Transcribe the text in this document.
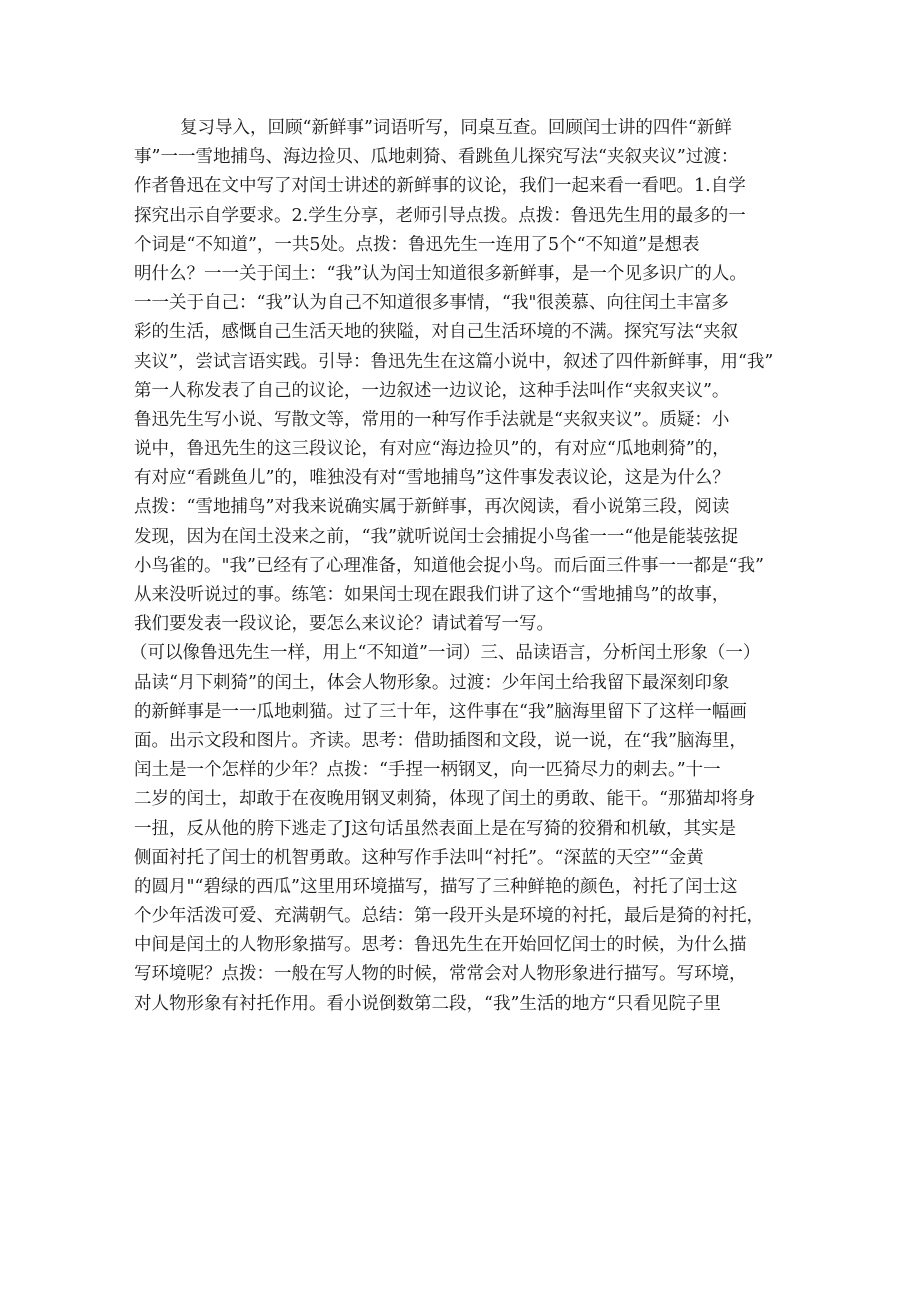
复习导入，回顾“新鲜事”词语听写，同桌互查。回顾闰士讲的四件“新鲜
事”一一雪地捕鸟、海边捡贝、瓜地刺猗、看跳鱼儿探究写法“夹叙夹议”过渡：
作者鲁迅在文中写了对闰士讲述的新鲜事的议论，我们一起来看一看吧。1.自学
探究出示自学要求。2.学生分享，老师引导点拨。点拨：鲁迅先生用的最多的一
个词是“不知道”，一共5处。点拨：鲁迅先生一连用了5个“不知道”是想表
明什么？一一关于闰土：“我”认为闰士知道很多新鲜事，是一个见多识广的人。
一一关于自己：“我”认为自己不知道很多事情，“我"很羡慕、向往闰土丰富多
彩的生活，感慨自己生活天地的狭隘，对自己生活环境的不满。探究写法“夹叙
夹议”，尝试言语实践。引导：鲁迅先生在这篇小说中，叙述了四件新鲜事，用“我”
第一人称发表了自己的议论，一边叙述一边议论，这种手法叫作“夹叙夹议”。
鲁迅先生写小说、写散文等，常用的一种写作手法就是“夹叙夹议”。质疑：小
说中，鲁迅先生的这三段议论，有对应“海边捡贝”的，有对应“瓜地刺猗”的，
有对应“看跳鱼儿”的，唯独没有对“雪地捕鸟”这件事发表议论，这是为什么？
点拨：“雪地捕鸟”对我来说确实属于新鲜事，再次阅读，看小说第三段，阅读
发现，因为在闰土没来之前，“我”就听说闰士会捕捉小鸟雀一一“他是能装弦捉
小鸟雀的。"我”已经有了心理准备，知道他会捉小鸟。而后面三件事一一都是“我”
从来没听说过的事。练笔：如果闰士现在跟我们讲了这个“雪地捕鸟”的故事，
我们要发表一段议论，要怎么来议论？请试着写一写。
（可以像鲁迅先生一样，用上“不知道”一词）三、品读语言，分析闰土形象（一）
品读“月下刺猗”的闰土，体会人物形象。过渡：少年闰土给我留下最深刻印象
的新鲜事是一一瓜地刺猫。过了三十年，这件事在“我”脑海里留下了这样一幅画
面。出示文段和图片。齐读。思考：借助插图和文段，说一说，在“我”脑海里，
闰土是一个怎样的少年？点拨：“手捏一柄钢叉，向一匹猗尽力的刺去。”十一
二岁的闰士，却敢于在夜晚用钢叉刺猗，体现了闰土的勇敢、能干。“那猫却将身
一扭，反从他的胯下逃走了J这句话虽然表面上是在写猗的狡猾和机敏，其实是
侧面衬托了闰士的机智勇敢。这种写作手法叫“衬托”。“深蓝的天空”“金黄
的圆月"“碧绿的西瓜”这里用环境描写，描写了三种鲜艳的颜色，衬托了闰士这
个少年活泼可爱、充满朝气。总结：第一段开头是环境的衬托，最后是猗的衬托，
中间是闰土的人物形象描写。思考：鲁迅先生在开始回忆闰士的时候，为什么描
写环境呢？点拨：一般在写人物的时候，常常会对人物形象进行描写。写环境，
对人物形象有衬托作用。看小说倒数第二段，“我”生活的地方“只看见院子里
